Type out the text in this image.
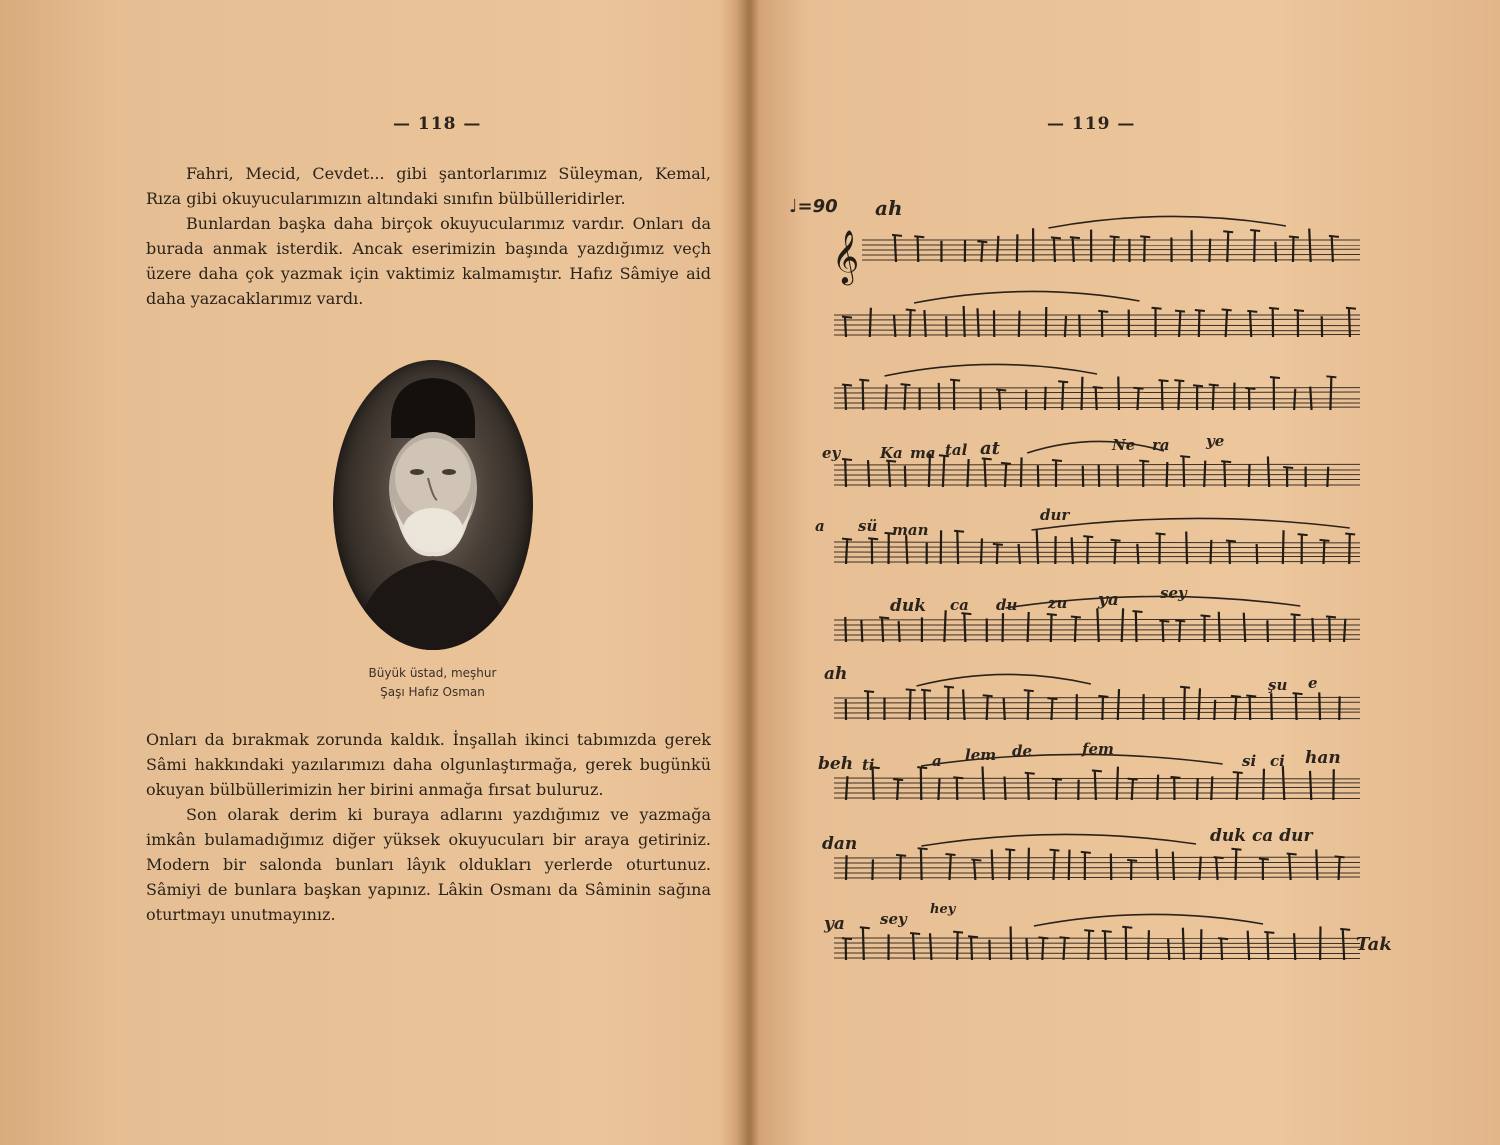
— 118 —

Fahri, Mecid, Cevdet... gibi şantorlarımız Süleyman, Kemal, Rıza gibi okuyucularımızın altındaki sınıfın bülbülleridirler.

Bunlardan başka daha birçok okuyucularımız vardır. Onları da burada anmak isterdik. Ancak eserimizin başında yazdığımız veçh üzere daha çok yazmak için vaktimiz kalmamıştır. Hafız Sâmiye aid daha yazacaklarımız vardı.

Büyük üstad, meşhur
Şaşı Hafız Osman

Onları da bırakmak zorunda kaldık. İnşallah ikinci tabımızda gerek Sâmi hakkındaki yazılarımızı daha olgunlaştırmağa, gerek bugünkü okuyan bülbüllerimizin her birini anmağa fırsat buluruz.

Son olarak derim ki buraya adlarını yazdığımız ve yazmağa imkân bulamadığımız diğer yüksek okuyucuları bir araya getiriniz. Modern bir salonda bunları lâyık oldukları yerlerde oturtunuz. Sâmiyi de bunlara başkan yapınız. Lâkin Osmanı da Sâminin sağına oturtmayı unutmayınız.

— 119 —
𝄞
♩=90 ah
ey	Ka ma tal at	Ne ra ye
dur
a sü man
duk ca du zu ya	sey
ah
şu e
beh ti	a lem de	fem
si ci han
dan	duk ca dur
ya sey
hey
Tak
